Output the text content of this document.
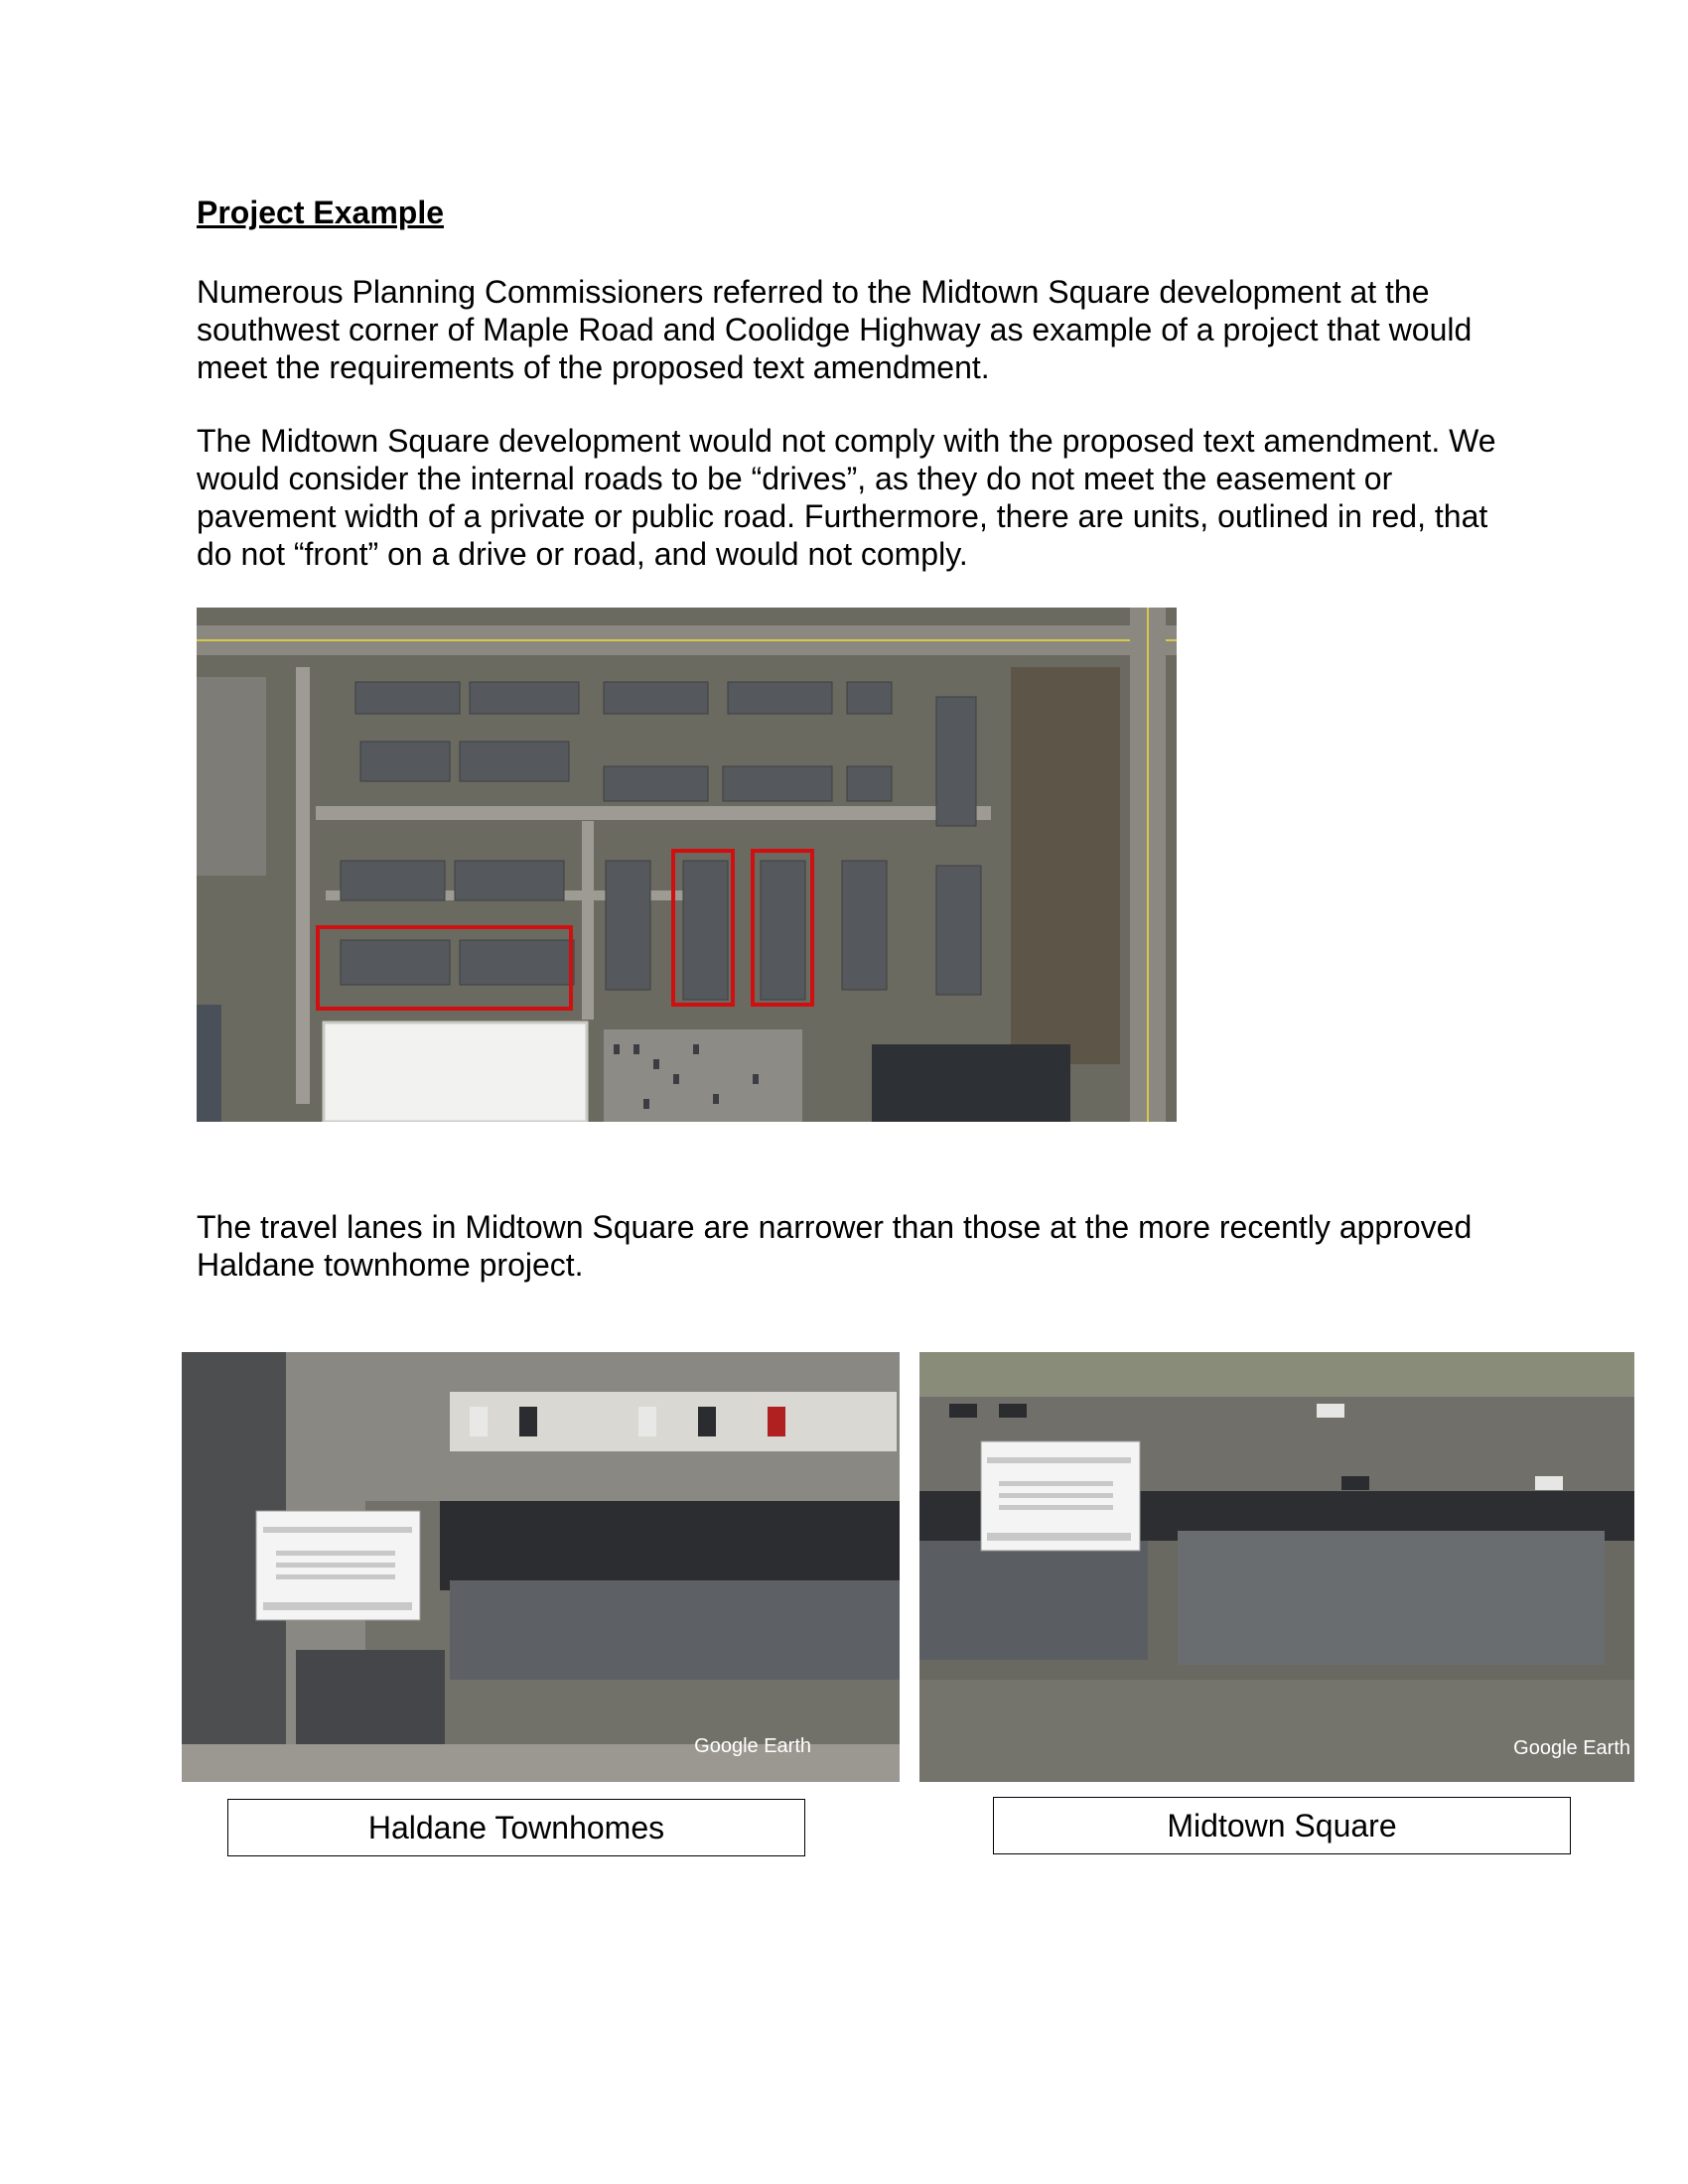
Project Example
Numerous Planning Commissioners referred to the Midtown Square development at the southwest corner of Maple Road and Coolidge Highway as example of a project that would meet the requirements of the proposed text amendment.
The Midtown Square development would not comply with the proposed text amendment. We would consider the internal roads to be “drives”, as they do not meet the easement or pavement width of a private or public road. Furthermore, there are units, outlined in red, that do not “front” on a drive or road, and would not comply.
The travel lanes in Midtown Square are narrower than those at the more recently approved Haldane townhome project.
Google Earth	Google Earth
Haldane Townhomes	Midtown Square
